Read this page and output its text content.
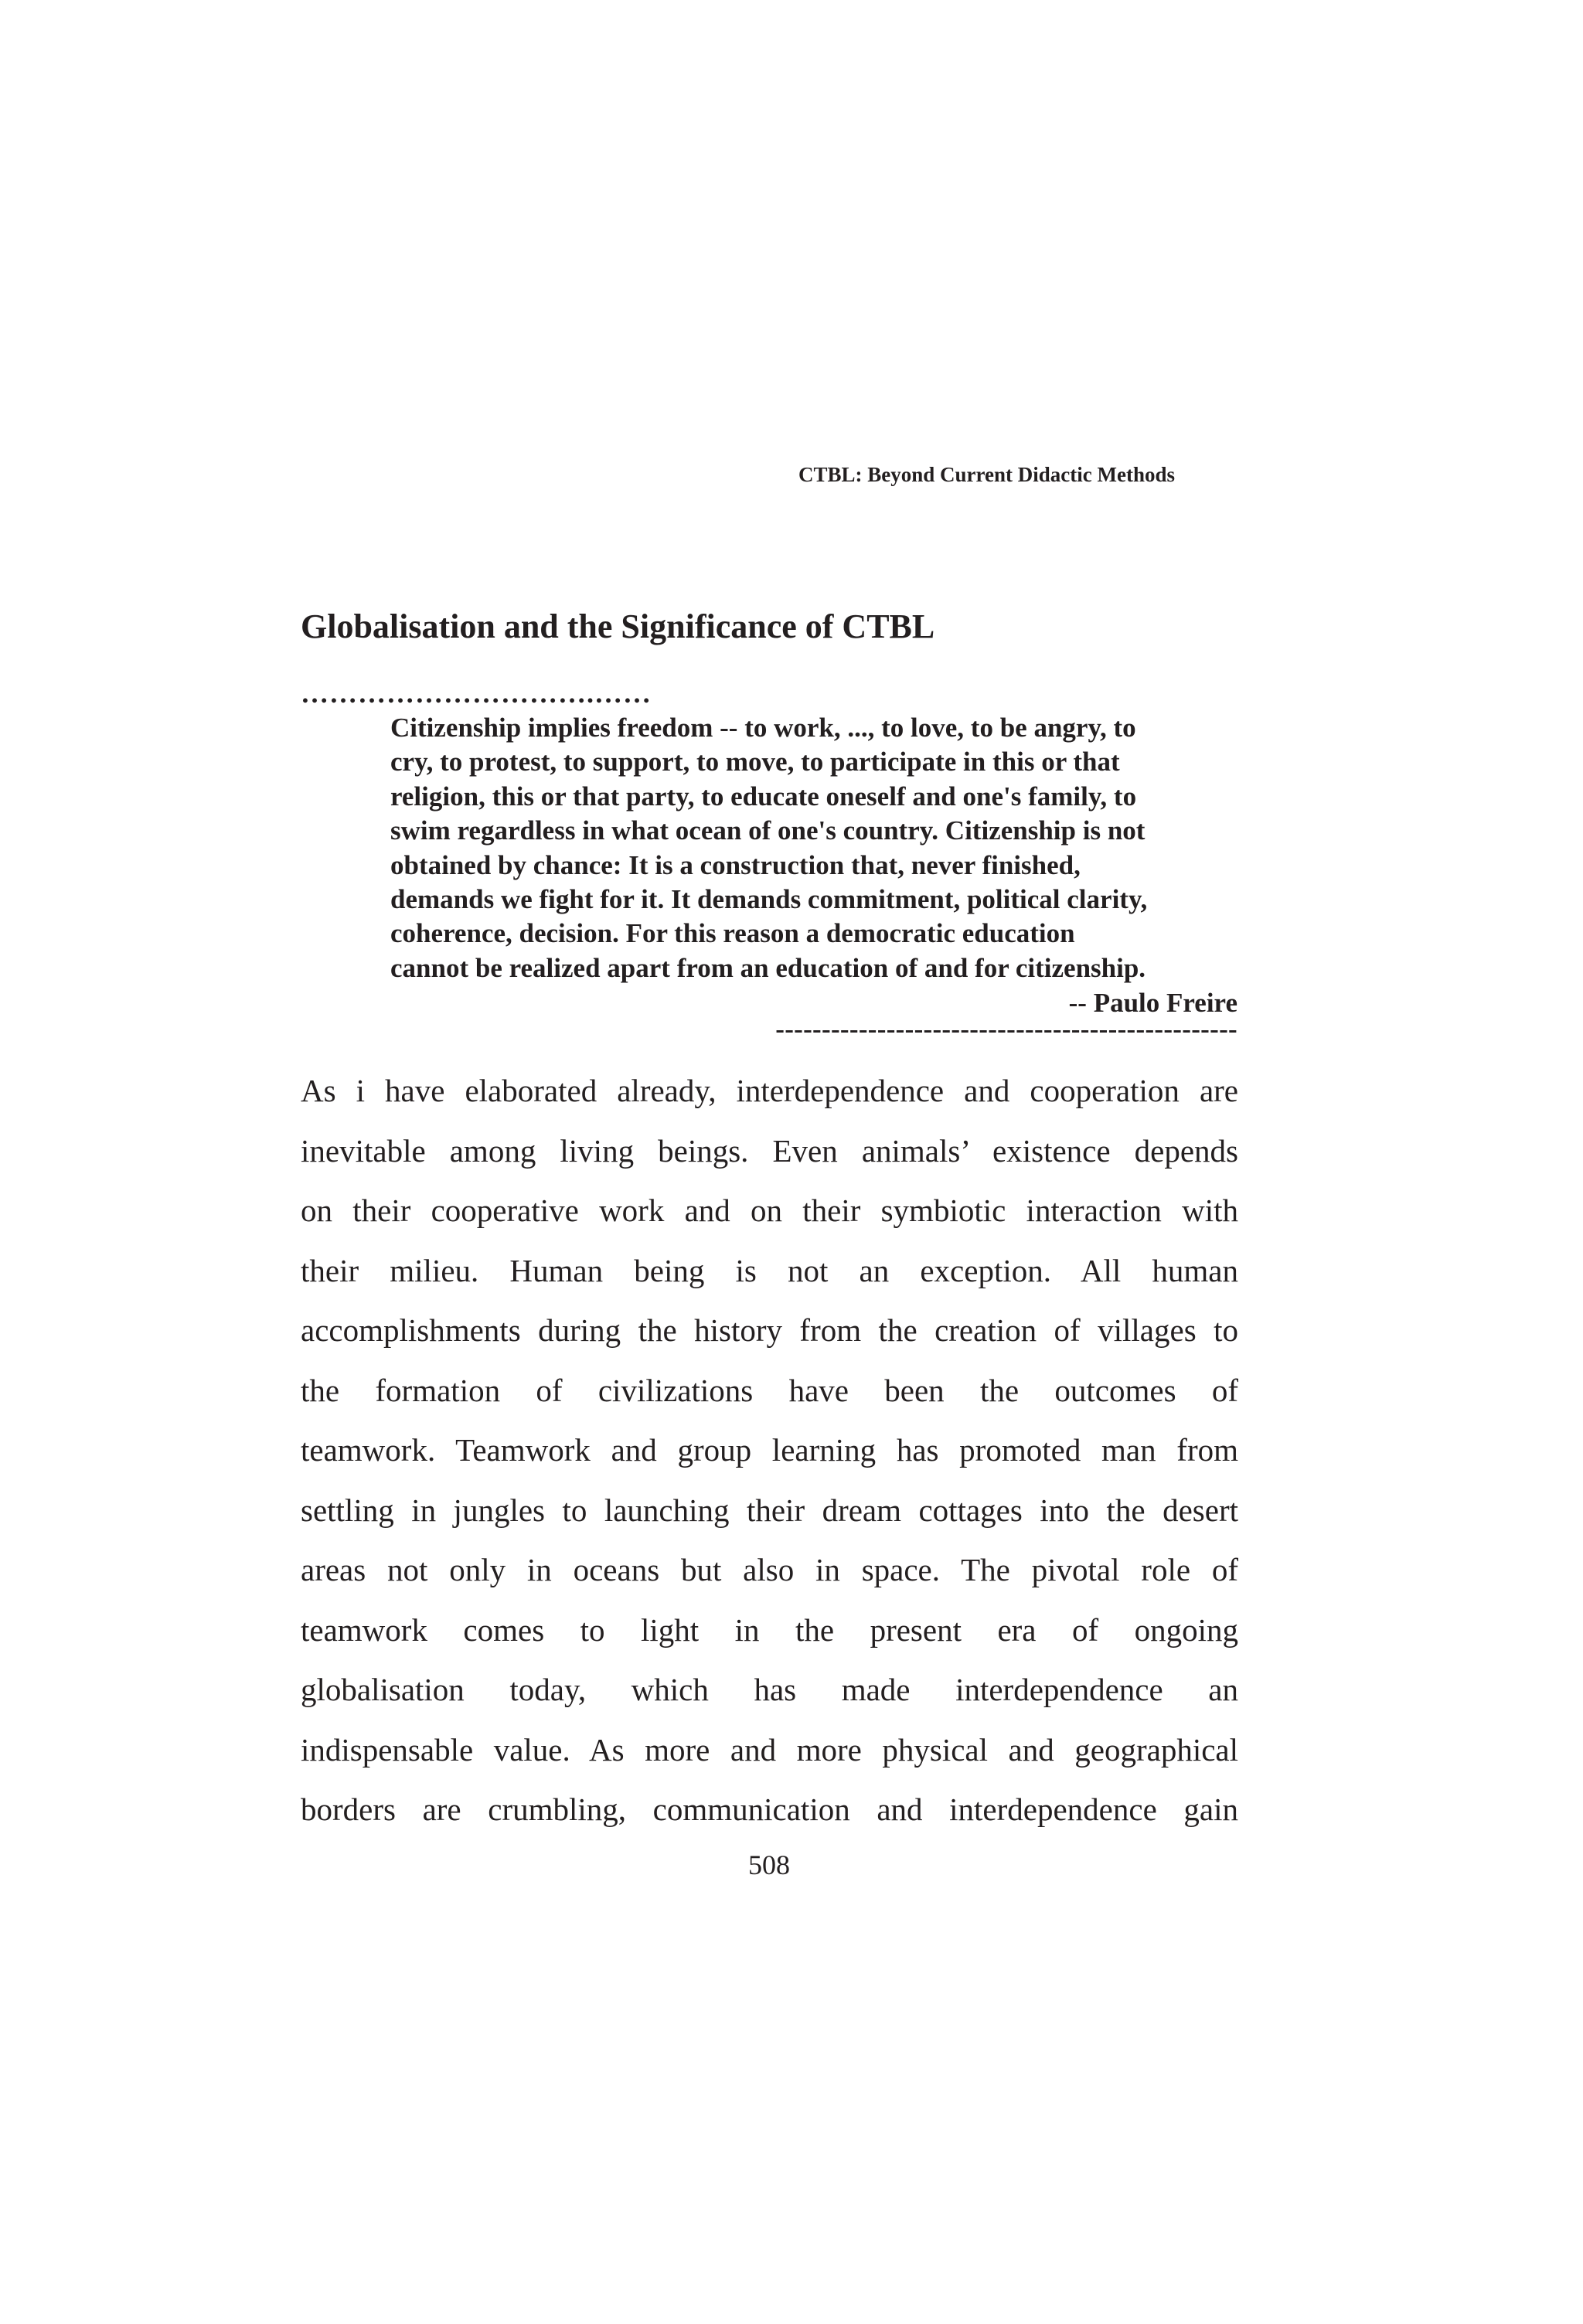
CTBL: Beyond Current Didactic Methods
Globalisation and the Significance of CTBL
………………………….……
Citizenship implies freedom -- to work, ..., to love, to be angry, to
cry, to protest, to support, to move, to participate in this or that
religion, this or that party, to educate oneself and one's family, to
swim regardless in what ocean of one's country. Citizenship is not
obtained by chance: It is a construction that, never finished,
demands we fight for it. It demands commitment, political clarity,
coherence, decision. For this reason a democratic education
cannot be realized apart from an education of and for citizenship.
-- Paulo Freire
--------------------------------------------------
As i have elaborated already, interdependence and cooperation are
inevitable among living beings. Even animals’ existence depends
on their cooperative work and on their symbiotic interaction with
their milieu. Human being is not an exception. All human
accomplishments during the history from the creation of villages to
the formation of civilizations have been the outcomes of
teamwork. Teamwork and group learning has promoted man from
settling in jungles to launching their dream cottages into the desert
areas not only in oceans but also in space. The pivotal role of
teamwork comes to light in the present era of ongoing
globalisation today, which has made interdependence an
indispensable value. As more and more physical and geographical
borders are crumbling, communication and interdependence gain
508
